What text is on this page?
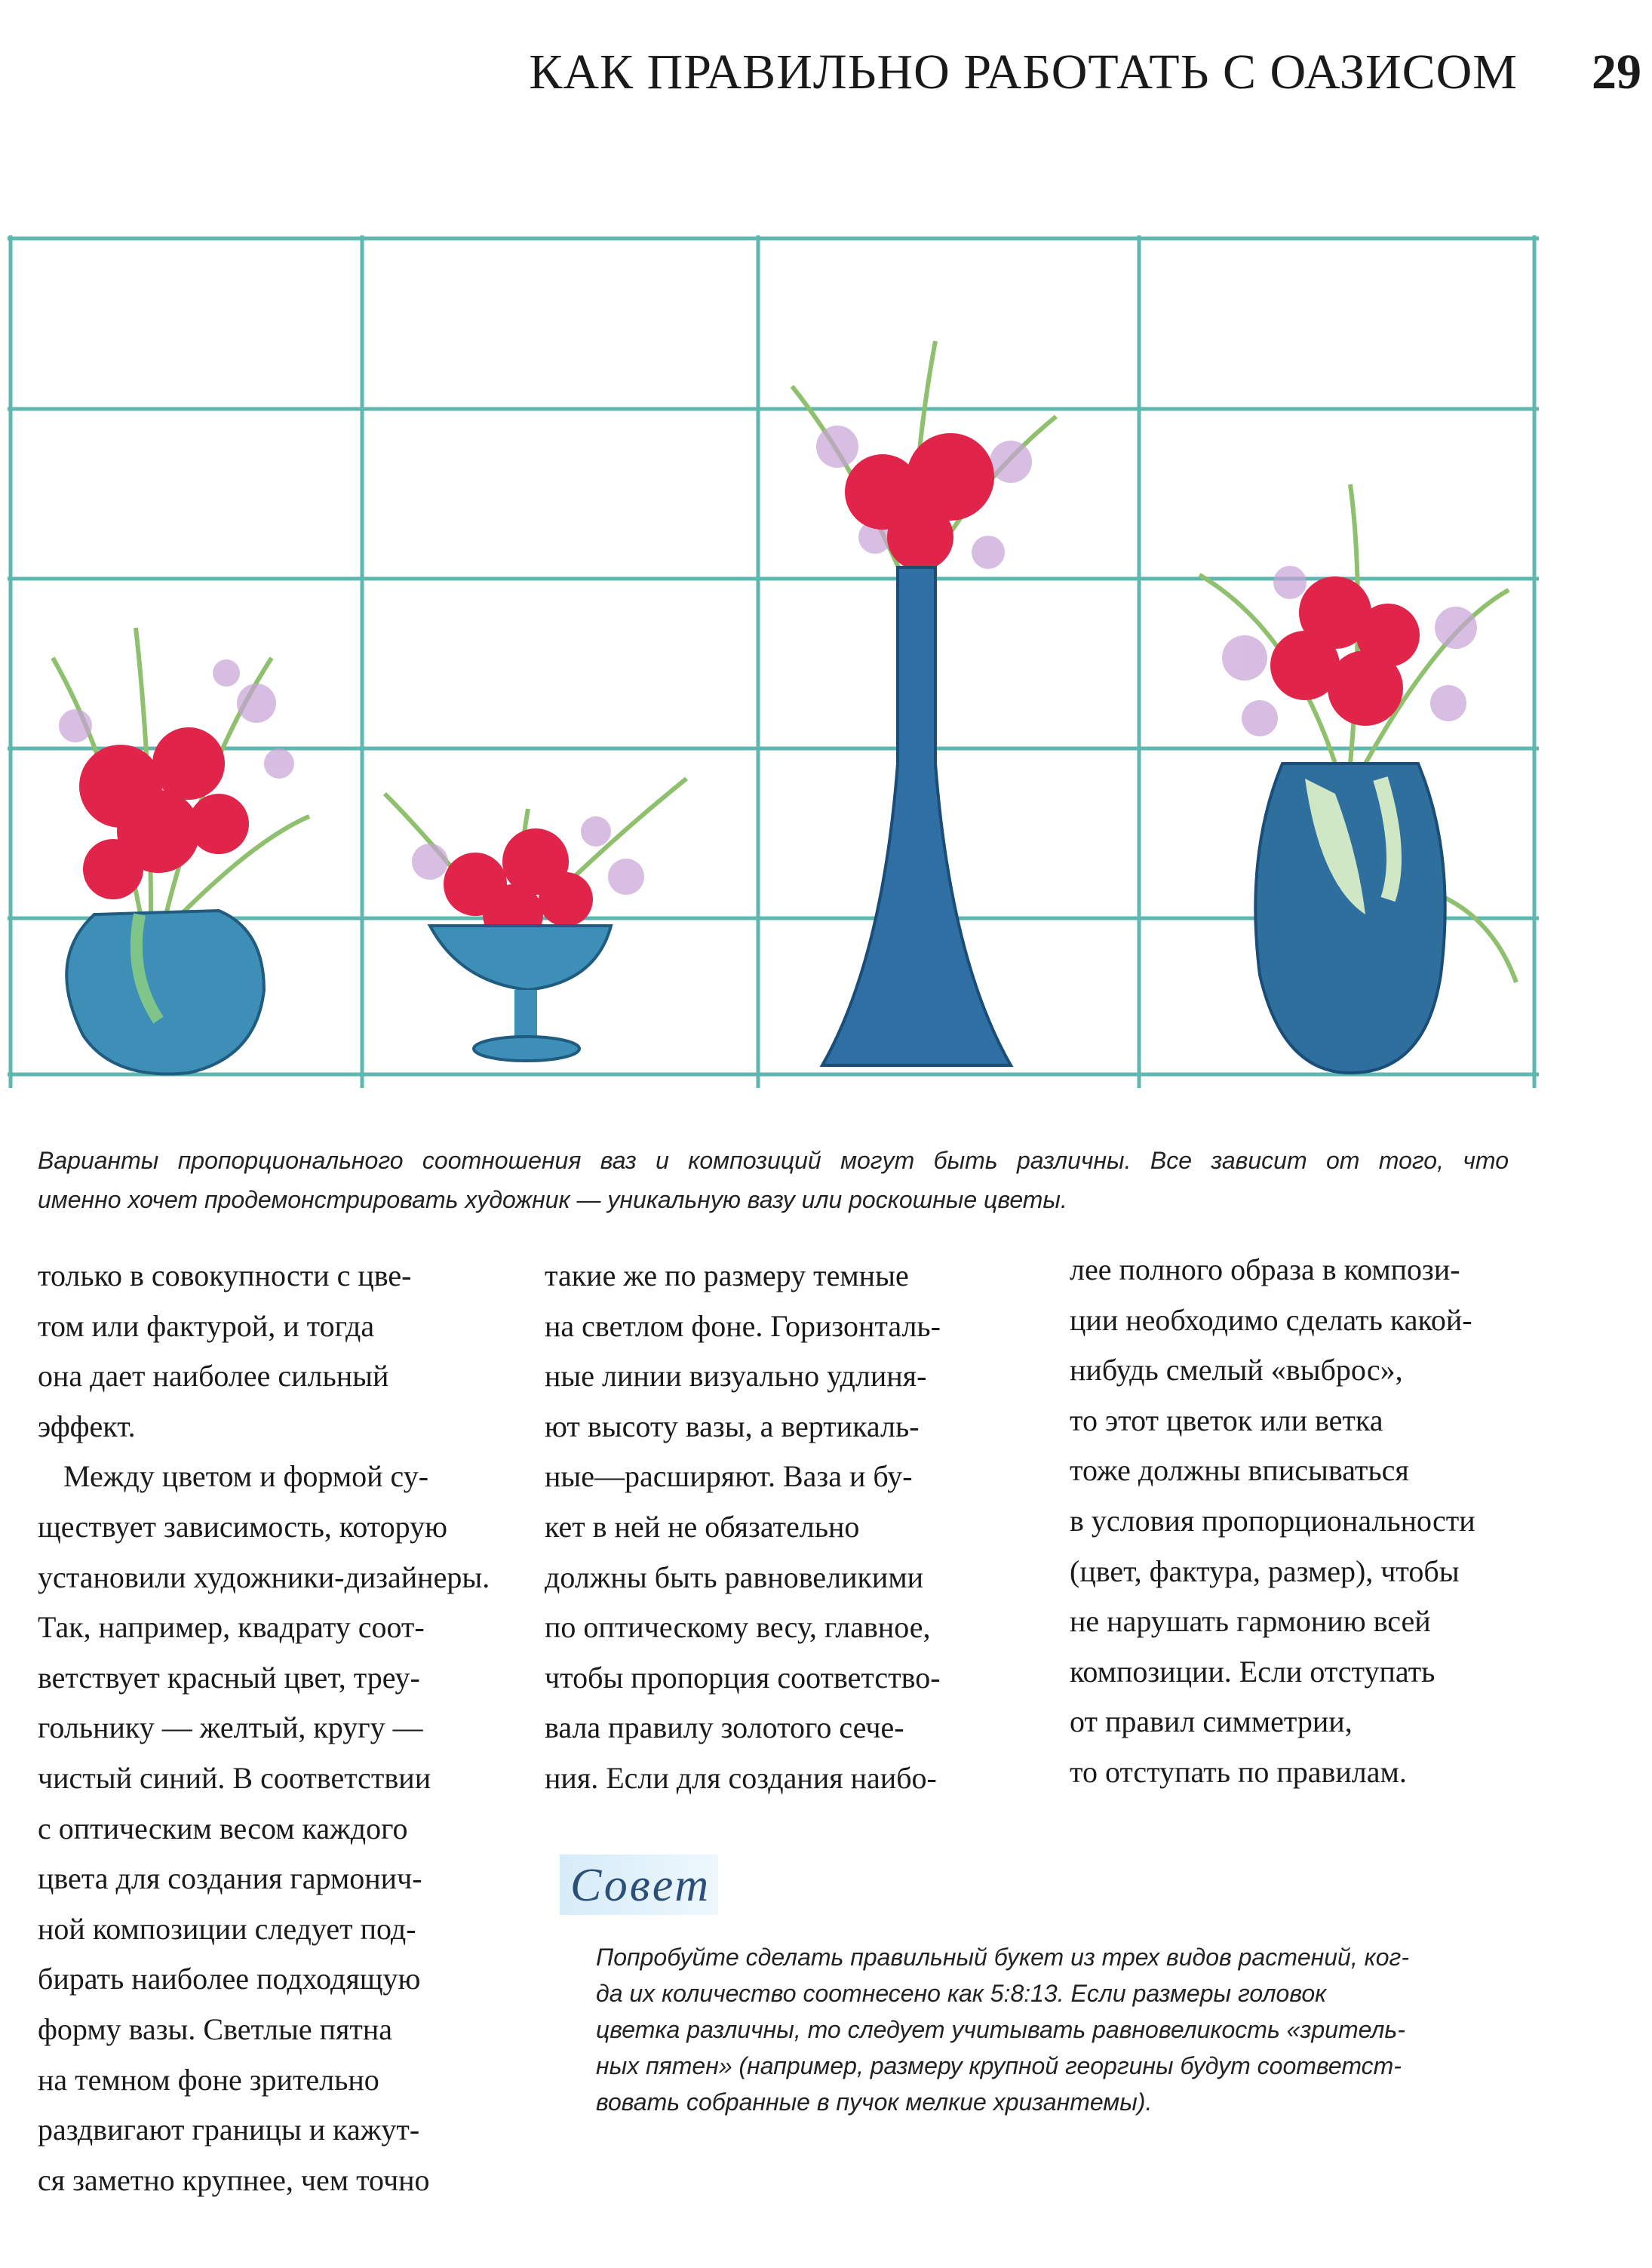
КАК ПРАВИЛЬНО РАБОТАТЬ С ОАЗИСОМ 29

Варианты пропорционального соотношения ваз и композиций могут быть различны. Все зависит от того, что

именно хочет продемонстрировать художник — уникальную вазу или роскошные цветы.

только в совокупности с цве-
том или фактурой, и тогда
она дает наиболее сильный
эффект.
Между цветом и формой су-
ществует зависимость, которую
установили художники-дизайнеры.
Так, например, квадрату соот-
ветствует красный цвет, треу-
гольнику — желтый, кругу —
чистый синий. В соответствии
с оптическим весом каждого
цвета для создания гармонич-
ной композиции следует под-
бирать наиболее подходящую
форму вазы. Светлые пятна
на темном фоне зрительно
раздвигают границы и кажут-
ся заметно крупнее, чем точно
такие же по размеру темные
на светлом фоне. Горизонталь-
ные линии визуально удлиня-
ют высоту вазы, а вертикаль-
ные—расширяют. Ваза и бу-
кет в ней не обязательно
должны быть равновеликими
по оптическому весу, главное,
чтобы пропорция соответство-
вала правилу золотого сече-
ния. Если для создания наибо-
лее полного образа в компози-
ции необходимо сделать какой-
нибудь смелый «выброс»,
то этот цветок или ветка
тоже должны вписываться
в условия пропорциональности
(цвет, фактура, размер), чтобы
не нарушать гармонию всей
композиции. Если отступать
от правил симметрии,
то отступать по правилам.
Совет
Попробуйте сделать правильный букет из трех видов растений, ког-
да их количество соотнесено как 5:8:13. Если размеры головок
цветка различны, то следует учитывать равновеликость «зритель-
ных пятен» (например, размеру крупной георгины будут соответст-
вовать собранные в пучок мелкие хризантемы).
